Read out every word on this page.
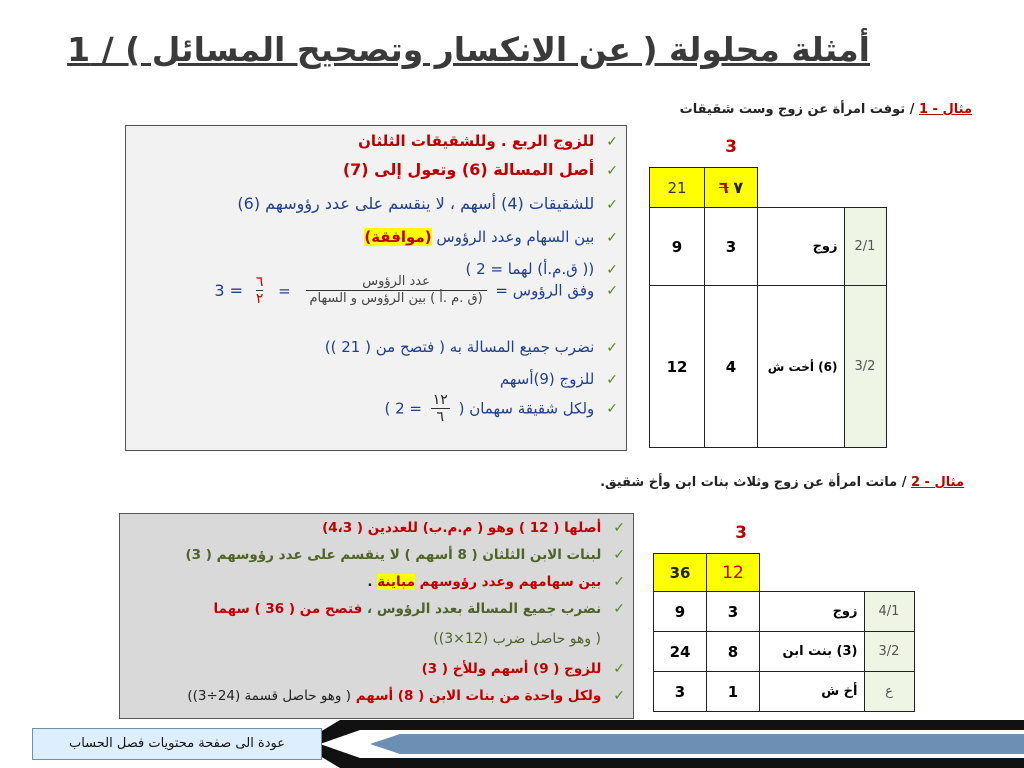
أمثلة محلولة ( عن الانكسار وتصحيح المسائل ) / 1
مثال - 1 / توفت امرأة عن زوج وست شقيقات
✓للزوج الربع . وللشقيقات الثلثان
✓أصل المسالة (6) وتعول إلى (7)
✓للشقيقات (4) أسهم ، لا ينقسم على عدد رؤوسهم (6)
✓بين السهام وعدد الرؤوس (موافقة)
✓(( ق.م.أ) لهما = 2 )
✓وفق الرؤوس =
$\frac{\text{عدد الرؤوس}}{\text{(ق .م .أ ) بين الرؤوس و السهام}}$
=
$\frac{٦}{٢}$
= 3
✓نضرب جميع المسالة به ( فتصح من ( 21 ))
✓للزوج (9)أسهم
✓ولكل شقيقة سهمان (
$\frac{١٢}{٦}$
= 2 )
3
21	٧ ٦		
9	3	زوج	2/1
12	4	(6) أخت ش	3/2
مثال - 2 / ماتت امرأة عن زوج وثلاث بنات ابن وأخ شقيق.
✓أصلها ( 12 ) وهو ( م.م.ب) للعددين ( 4،3)
✓لبنات الابن الثلثان ( 8 أسهم ) لا ينقسم على عدد رؤوسهم ( 3)
✓بين سهامهم وعدد رؤوسهم مباينة .
✓نضرب جميع المسالة بعدد الرؤوس ، فتصح من ( 36 ) سهما
( وهو حاصل ضرب (12×3))
✓للزوج ( 9) أسهم وللأخ ( 3)
✓ولكل واحدة من بنات الابن ( 8) أسهم ( وهو حاصل قسمة (24÷3))
3
36	12		
9	3	زوج	4/1
24	8	(3) بنت ابن	3/2
3	1	أخ ش	ع
عودة الى صفحة محتويات فصل الحساب
